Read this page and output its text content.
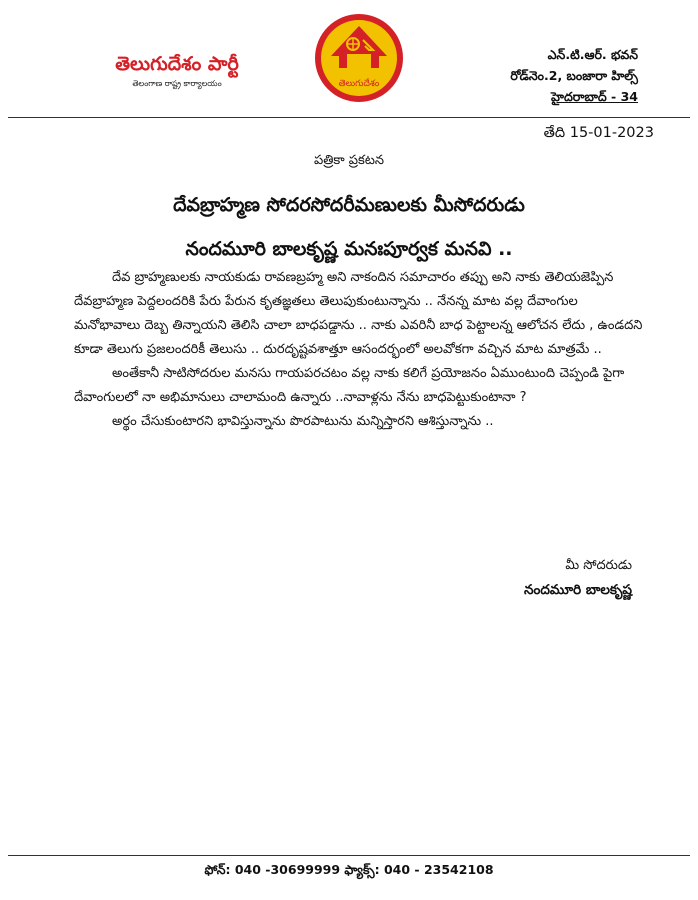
తెలుగుదేశం పార్టీ
తెలంగాణ రాష్ట్ర కార్యాలయం	తెలుగుదేశం
ఎన్.టి.ఆర్. భవన్
రోడ్‌నెం.2, బంజారా హిల్స్
హైదరాబాద్ - 34
తేది 15-01-2023
పత్రికా ప్రకటన
దేవబ్రాహ్మణ సోదరసోదరీమణులకు మీసోదరుడు
నందమూరి బాలకృష్ణ మనఃపూర్వక మనవి ..

దేవ బ్రాహ్మణులకు నాయకుడు రావణబ్రహ్మ అని నాకందిన సమాచారం తప్పు అని నాకు తెలియజెప్పిన దేవబ్రాహ్మణ పెద్దలందరికి పేరు పేరున కృతజ్ఞతలు తెలుపుకుంటున్నాను .. నేనన్న మాట వల్ల దేవాంగుల మనోభావాలు దెబ్బ తిన్నాయని తెలిసి చాలా బాధపడ్డాను .. నాకు ఎవరినీ బాధ పెట్టాలన్న ఆలోచన లేదు , ఉండదని కూడా తెలుగు ప్రజలందరికీ తెలుసు .. దురదృష్టవశాత్తూ ఆసందర్భంలో అలవోకగా వచ్చిన మాట మాత్రమే ..

అంతేకానీ సాటిసోదరుల మనసు గాయపరచటం వల్ల నాకు కలిగే ప్రయోజనం ఏముంటుంది చెప్పండి పైగా దేవాంగులలో నా అభిమానులు చాలామంది ఉన్నారు ..నావాళ్లను నేను బాధపెట్టుకుంటానా ?

అర్థం చేసుకుంటారని భావిస్తున్నాను పొరపాటును మన్నిస్తారని ఆశిస్తున్నాను ..

మీ సోదరుడు
నందమూరి బాలకృష్ణ
ఫోన్: 040 -30699999 ఫ్యాక్స్: 040 - 23542108
